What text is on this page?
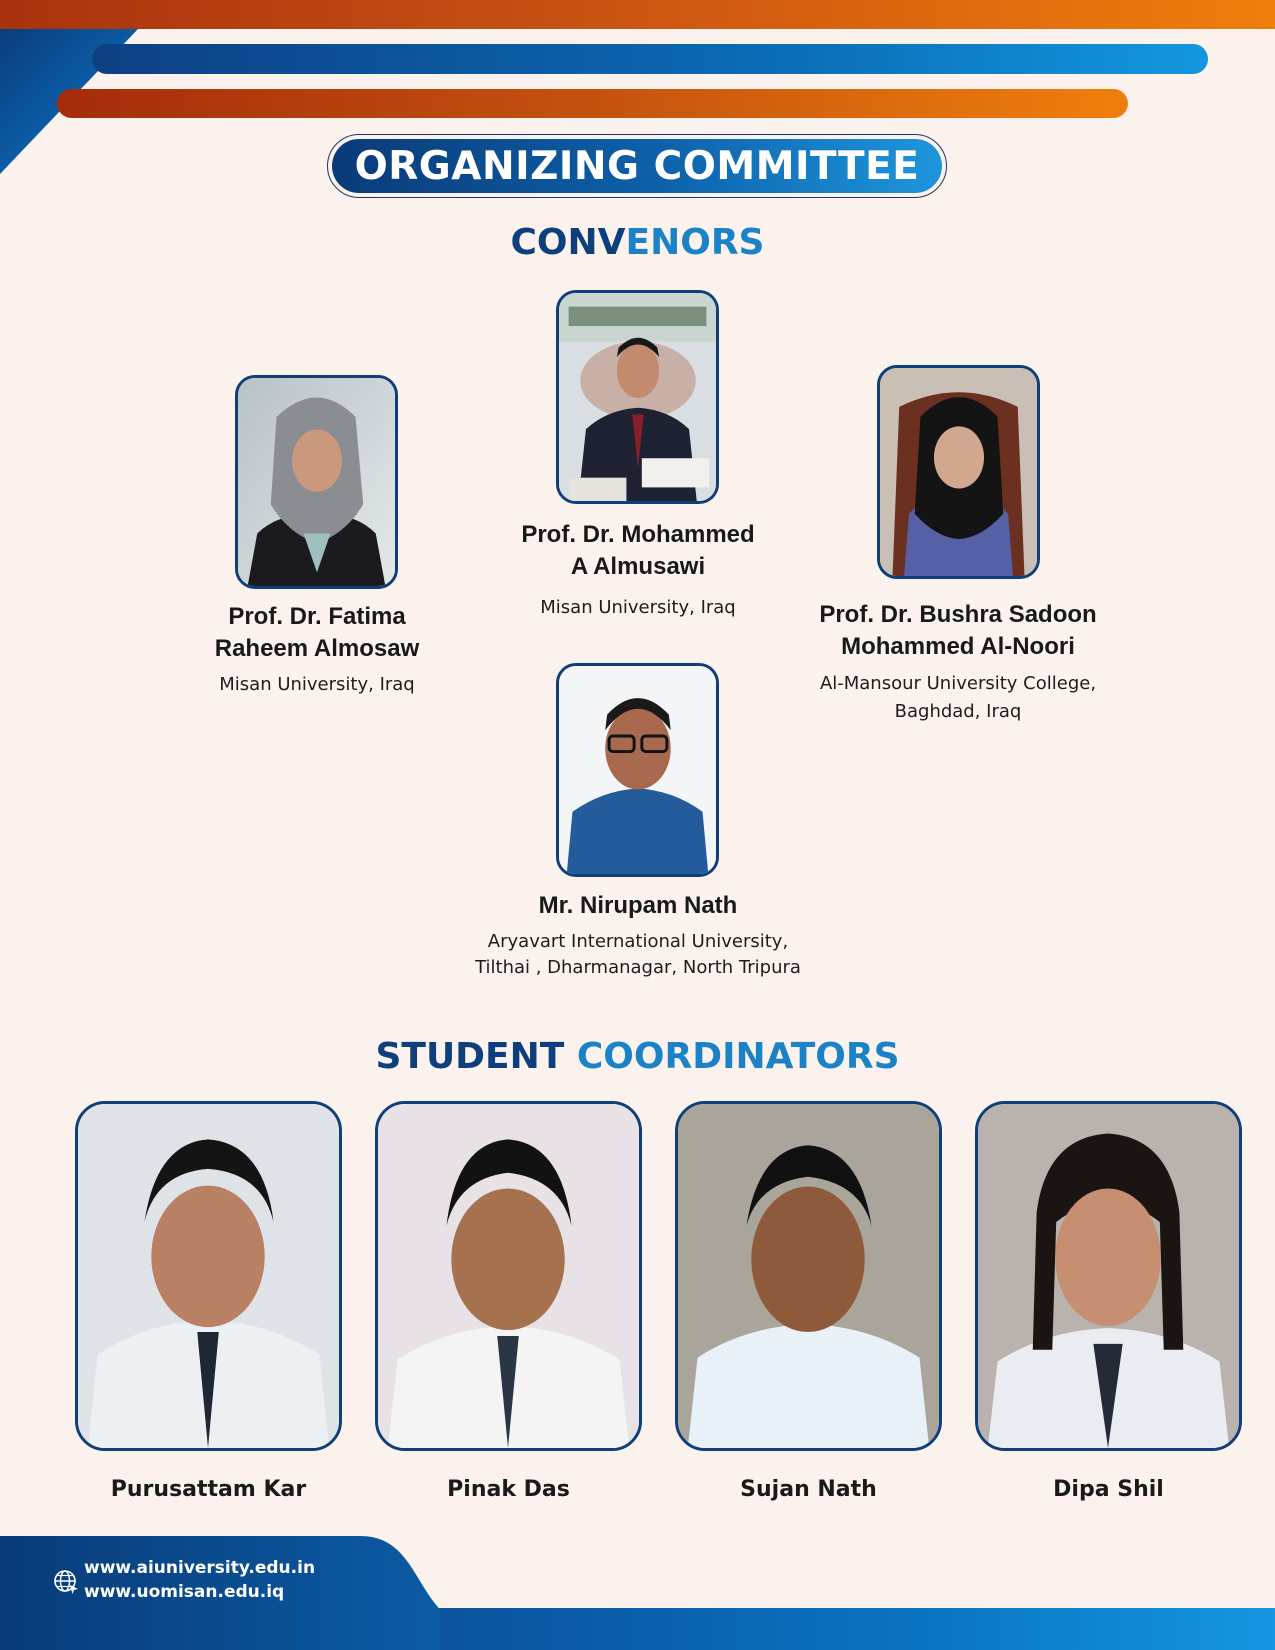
ORGANIZING COMMITTEE
CONVENORS
Prof. Dr. Fatima
Raheem Almosaw
Misan University, Iraq
Prof. Dr. Mohammed
A Almusawi
Misan University, Iraq	Prof. Dr. Bushra Sadoon
Mohammed Al-Noori
Al-Mansour University College,
Baghdad, Iraq
Mr. Nirupam Nath
Aryavart International University,
Tilthai , Dharmanagar, North Tripura
STUDENT COORDINATORS
Purusattam Kar	Pinak Das	Sujan Nath	Dipa Shil
www.aiuniversity.edu.in
www.uomisan.edu.iq
